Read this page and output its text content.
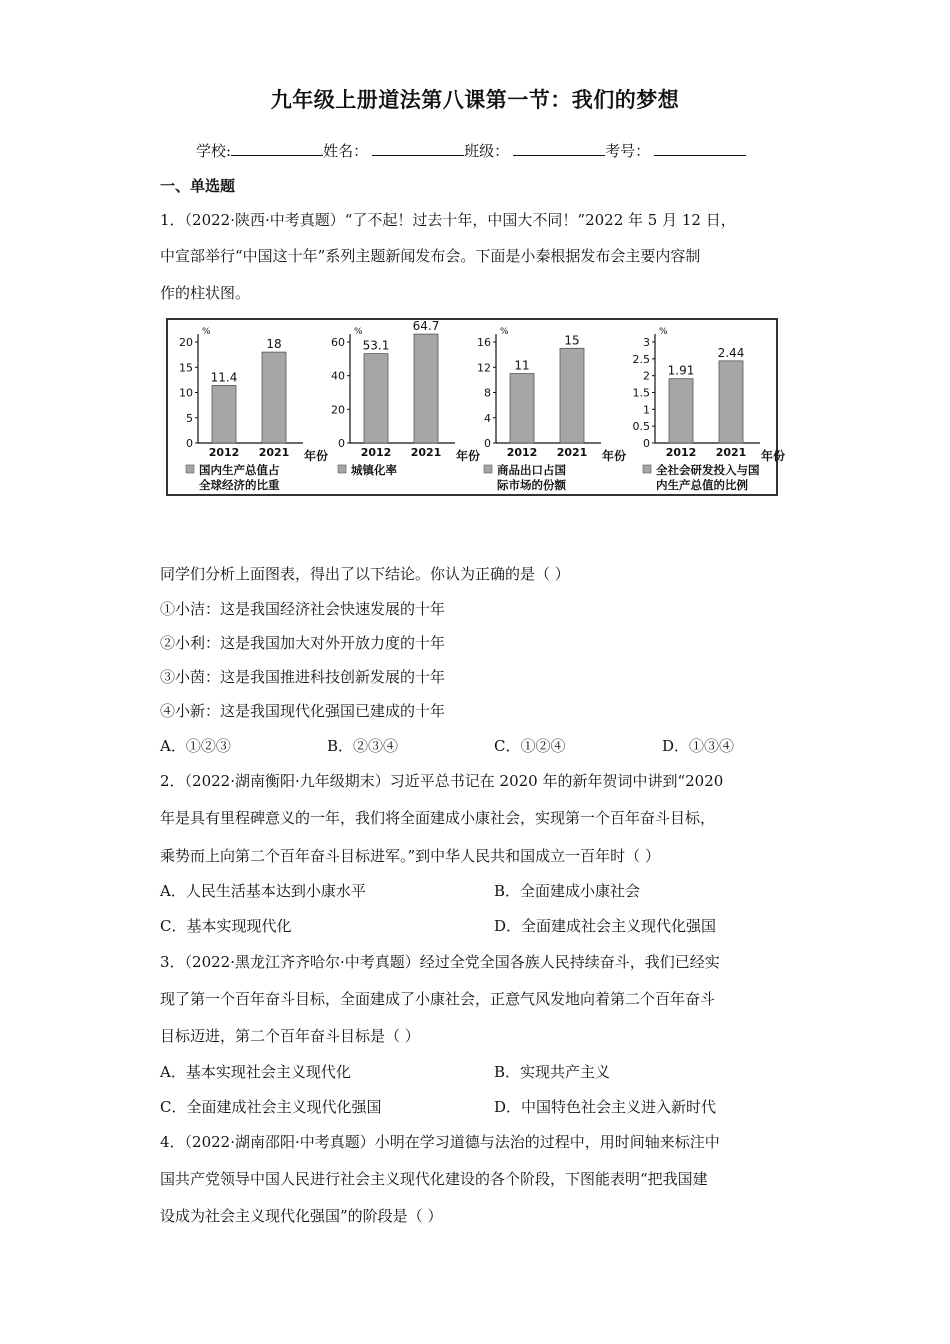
九年级上册道法第八课第一节：我们的梦想
学校:	姓名：	班级：	考号：
一、单选题
1．（2022·陕西·中考真题）“了不起！过去十年，中国大不同！”2022 年 5 月 12 日，
中宣部举行“中国这十年”系列主题新闻发布会。下面是小秦根据发布会主要内容制
作的柱状图。
%
0
5
10
15
20
11.4
2012
18
2021 年份
国内生产总值占
全球经济的比重
%
0
20
40
60 53.1
2012
64.7
2021 年份
城镇化率
%
0
4
8
12
16
11
2012
15
2021 年份
商品出口占国
际市场的份额
%
0
0.5
1
1.5
2
2.5
3
1.91
2012
2.44
2021 年份
全社会研发投入与国
内生产总值的比例
同学们分析上面图表，得出了以下结论。你认为正确的是（ ）
①小洁：这是我国经济社会快速发展的十年
②小利：这是我国加大对外开放力度的十年
③小茵：这是我国推进科技创新发展的十年
④小新：这是我国现代化强国已建成的十年
A．①②③	B．②③④	C．①②④	D．①③④
2．（2022·湖南衡阳·九年级期末）习近平总书记在 2020 年的新年贺词中讲到“2020
年是具有里程碑意义的一年，我们将全面建成小康社会，实现第一个百年奋斗目标，
乘势而上向第二个百年奋斗目标进军。”到中华人民共和国成立一百年时（ ）
A．人民生活基本达到小康水平	B．全面建成小康社会
C．基本实现现代化	D．全面建成社会主义现代化强国
3．（2022·黑龙江齐齐哈尔·中考真题）经过全党全国各族人民持续奋斗，我们已经实
现了第一个百年奋斗目标，全面建成了小康社会，正意气风发地向着第二个百年奋斗
目标迈进，第二个百年奋斗目标是（ ）
A．基本实现社会主义现代化	B．实现共产主义
C．全面建成社会主义现代化强国	D．中国特色社会主义进入新时代
4．（2022·湖南邵阳·中考真题）小明在学习道德与法治的过程中，用时间轴来标注中
国共产党领导中国人民进行社会主义现代化建设的各个阶段，下图能表明“把我国建
设成为社会主义现代化强国”的阶段是（ ）
